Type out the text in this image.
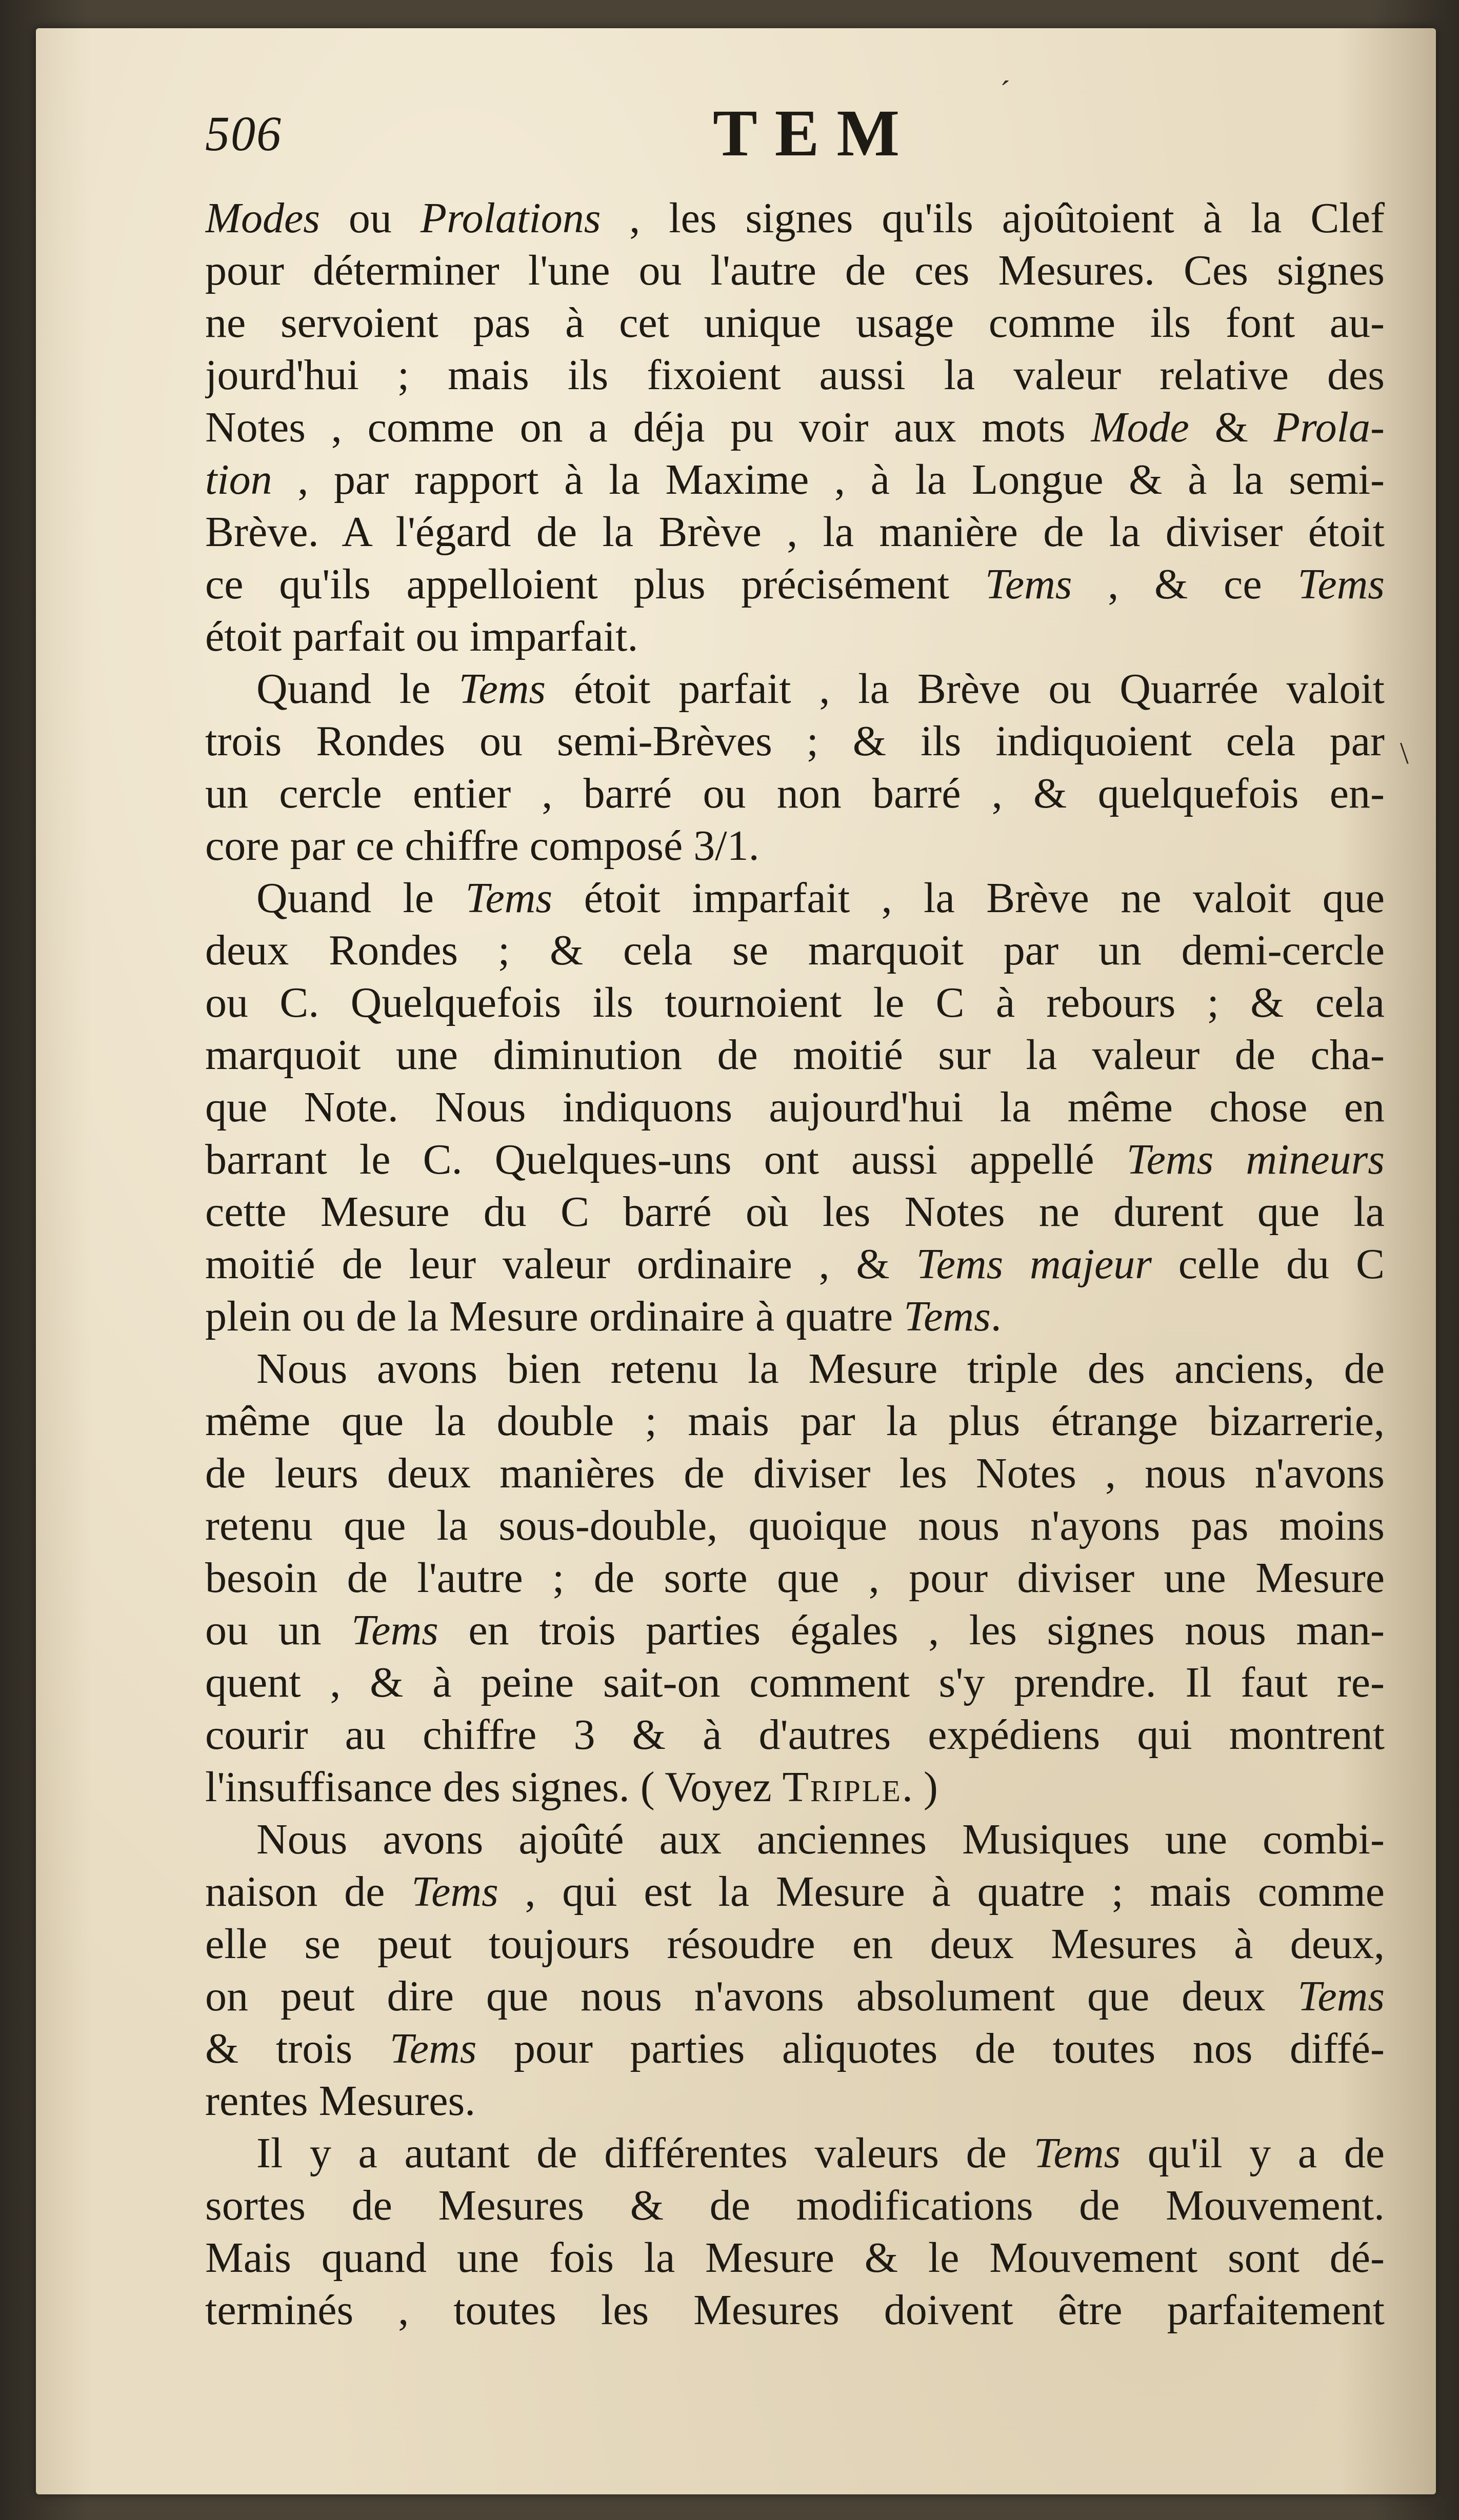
506	TEM
Modes ou Prolations , les signes qu'ils ajoûtoient à la Clef
pour déterminer l'une ou l'autre de ces Mesures. Ces signes
ne servoient pas à cet unique usage comme ils font au-
jourd'hui ; mais ils fixoient aussi la valeur relative des
Notes , comme on a déja pu voir aux mots Mode & Prola-
tion , par rapport à la Maxime , à la Longue & à la semi-
Brève. A l'égard de la Brève , la manière de la diviser étoit
ce qu'ils appelloient plus précisément Tems , & ce Tems
étoit parfait ou imparfait.
Quand le Tems étoit parfait , la Brève ou Quarrée valoit
trois Rondes ou semi-Brèves ; & ils indiquoient cela par
un cercle entier , barré ou non barré , & quelquefois en-
core par ce chiffre composé 3/1.
Quand le Tems étoit imparfait , la Brève ne valoit que
deux Rondes ; & cela se marquoit par un demi-cercle
ou C. Quelquefois ils tournoient le C à rebours ; & cela
marquoit une diminution de moitié sur la valeur de cha-
que Note. Nous indiquons aujourd'hui la même chose en
barrant le C. Quelques-uns ont aussi appellé Tems mineurs
cette Mesure du C barré où les Notes ne durent que la
moitié de leur valeur ordinaire , & Tems majeur celle du C
plein ou de la Mesure ordinaire à quatre Tems.
Nous avons bien retenu la Mesure triple des anciens, de
même que la double ; mais par la plus étrange bizarrerie,
de leurs deux manières de diviser les Notes , nous n'avons
retenu que la sous-double, quoique nous n'ayons pas moins
besoin de l'autre ; de sorte que , pour diviser une Mesure
ou un Tems en trois parties égales , les signes nous man-
quent , & à peine sait-on comment s'y prendre. Il faut re-
courir au chiffre 3 & à d'autres expédiens qui montrent
l'insuffisance des signes. ( Voyez Triple. )
Nous avons ajoûté aux anciennes Musiques une combi-
naison de Tems , qui est la Mesure à quatre ; mais comme
elle se peut toujours résoudre en deux Mesures à deux,
on peut dire que nous n'avons absolument que deux Tems
& trois Tems pour parties aliquotes de toutes nos diffé-
rentes Mesures.
Il y a autant de différentes valeurs de Tems qu'il y a de
sortes de Mesures & de modifications de Mouvement.
Mais quand une fois la Mesure & le Mouvement sont dé-
terminés , toutes les Mesures doivent être parfaitement
ˊ
\
